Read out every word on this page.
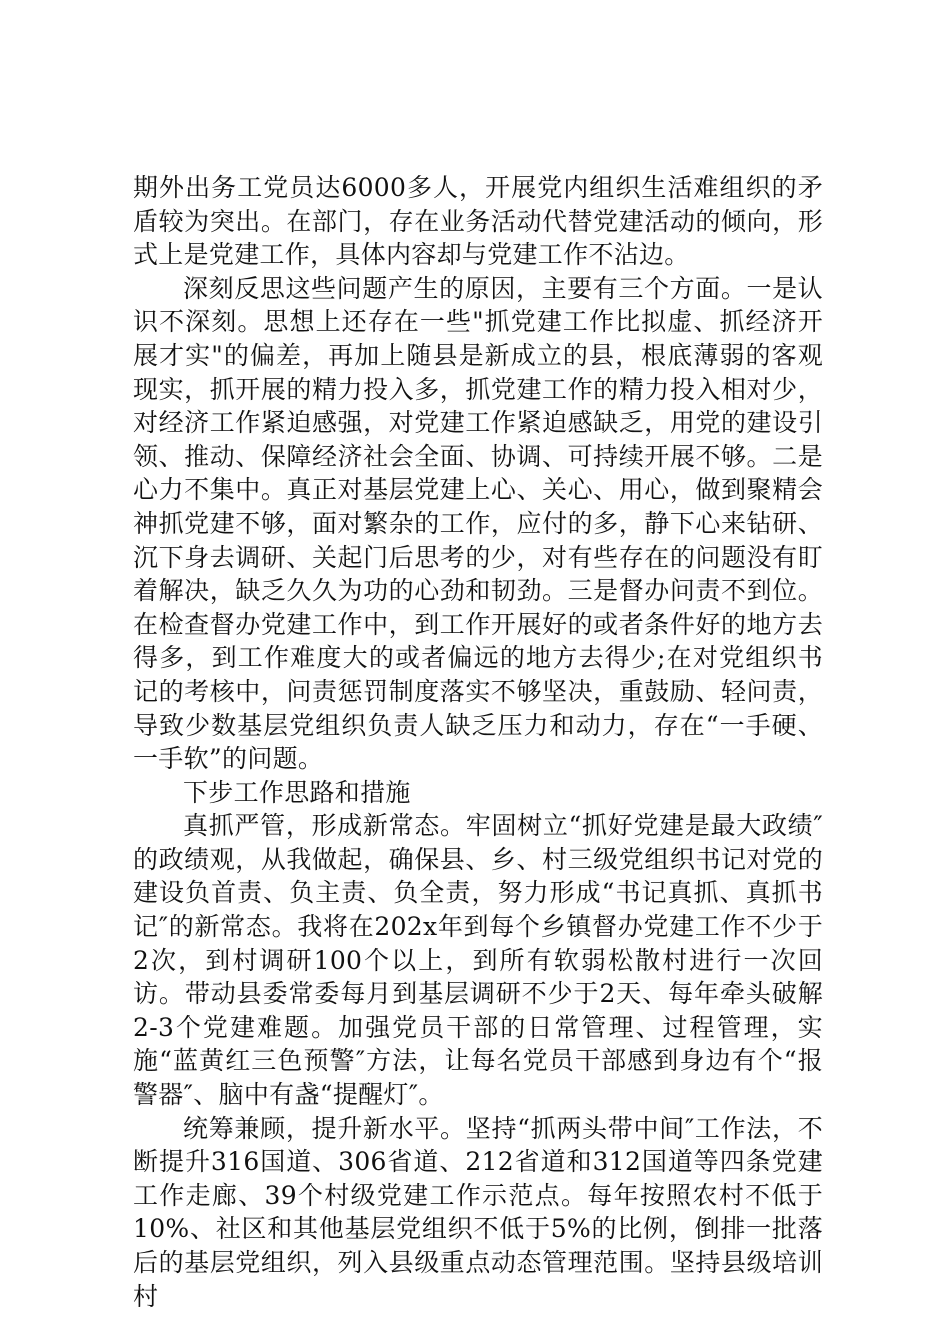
期外出务工党员达6000多人，开展党内组织生活难组织的矛盾较为突出。在部门，存在业务活动代替党建活动的倾向，形式上是党建工作，具体内容却与党建工作不沾边。

深刻反思这些问题产生的原因，主要有三个方面。一是认识不深刻。思想上还存在一些"抓党建工作比拟虚、抓经济开展才实"的偏差，再加上随县是新成立的县，根底薄弱的客观现实，抓开展的精力投入多，抓党建工作的精力投入相对少，对经济工作紧迫感强，对党建工作紧迫感缺乏，用党的建设引领、推动、保障经济社会全面、协调、可持续开展不够。二是心力不集中。真正对基层党建上心、关心、用心，做到聚精会神抓党建不够，面对繁杂的工作，应付的多，静下心来钻研、沉下身去调研、关起门后思考的少，对有些存在的问题没有盯着解决，缺乏久久为功的心劲和韧劲。三是督办问责不到位。在检查督办党建工作中，到工作开展好的或者条件好的地方去得多，到工作难度大的或者偏远的地方去得少;在对党组织书记的考核中，问责惩罚制度落实不够坚决，重鼓励、轻问责，导致少数基层党组织负责人缺乏压力和动力，存在“一手硬、一手软”的问题。

下步工作思路和措施

真抓严管，形成新常态。牢固树立“抓好党建是最大政绩″的政绩观，从我做起，确保县、乡、村三级党组织书记对党的建设负首责、负主责、负全责，努力形成“书记真抓、真抓书记″的新常态。我将在202x年到每个乡镇督办党建工作不少于2次，到村调研100个以上，到所有软弱松散村进行一次回访。带动县委常委每月到基层调研不少于2天、每年牵头破解2-3个党建难题。加强党员干部的日常管理、过程管理，实施“蓝黄红三色预警″方法，让每名党员干部感到身边有个“报警器″、脑中有盏“提醒灯″。

统筹兼顾，提升新水平。坚持“抓两头带中间″工作法，不断提升316国道、306省道、212省道和312国道等四条党建工作走廊、39个村级党建工作示范点。每年按照农村不低于10%、社区和其他基层党组织不低于5%的比例，倒排一批落后的基层党组织，列入县级重点动态管理范围。坚持县级培训村
